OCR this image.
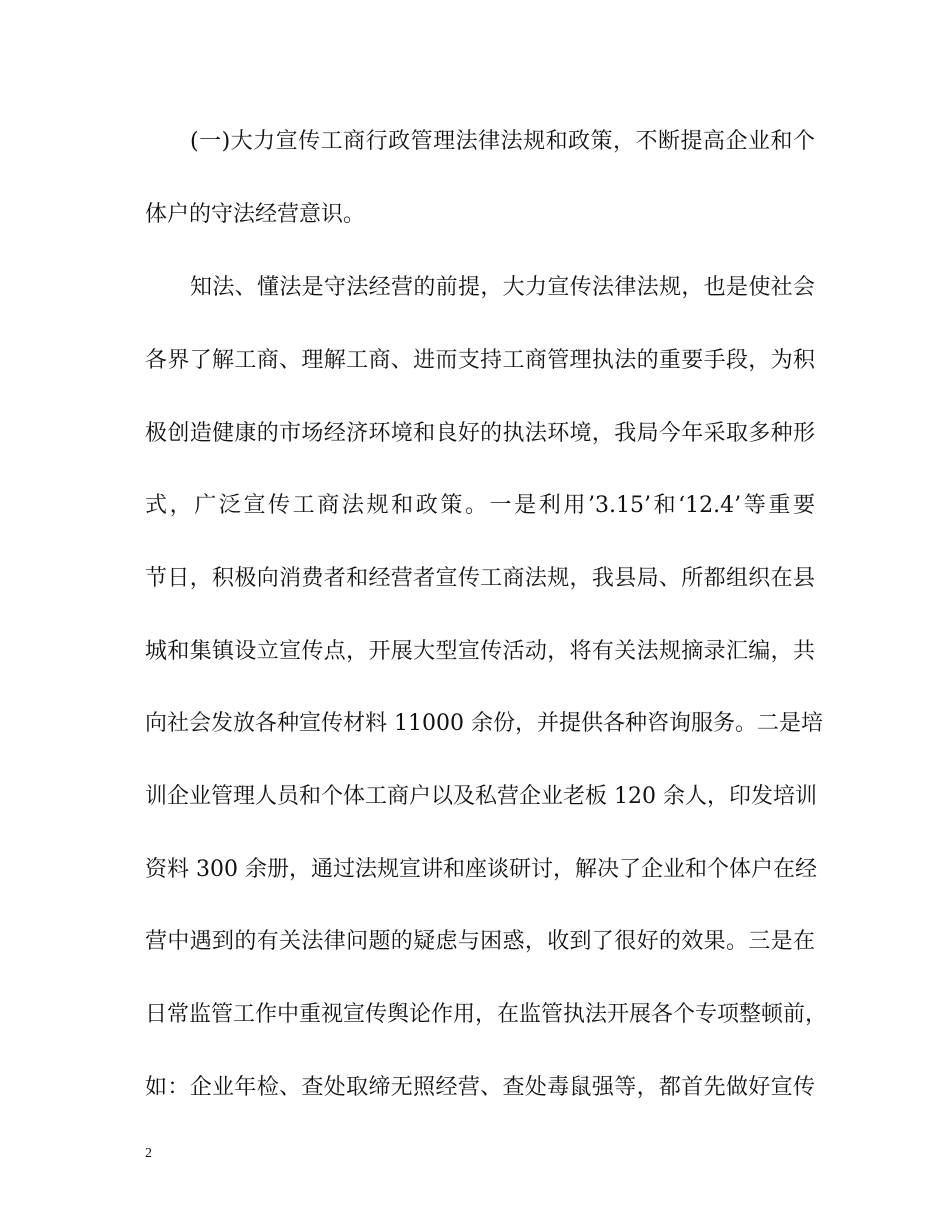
(一)大力宣传工商行政管理法律法规和政策，不断提高企业和个
体户的守法经营意识。
知法、懂法是守法经营的前提，大力宣传法律法规，也是使社会
各界了解工商、理解工商、进而支持工商管理执法的重要手段，为积
极创造健康的市场经济环境和良好的执法环境，我局今年采取多种形
式，广泛宣传工商法规和政策。一是利用’3.15’和‘12.4’等重要
节日，积极向消费者和经营者宣传工商法规，我县局、所都组织在县
城和集镇设立宣传点，开展大型宣传活动，将有关法规摘录汇编，共
向社会发放各种宣传材料 11000 余份，并提供各种咨询服务。二是培
训企业管理人员和个体工商户以及私营企业老板 120 余人，印发培训
资料 300 余册，通过法规宣讲和座谈研讨，解决了企业和个体户在经
营中遇到的有关法律问题的疑虑与困惑，收到了很好的效果。三是在
日常监管工作中重视宣传舆论作用，在监管执法开展各个专项整顿前，
如：企业年检、查处取缔无照经营、查处毒鼠强等，都首先做好宣传
2
